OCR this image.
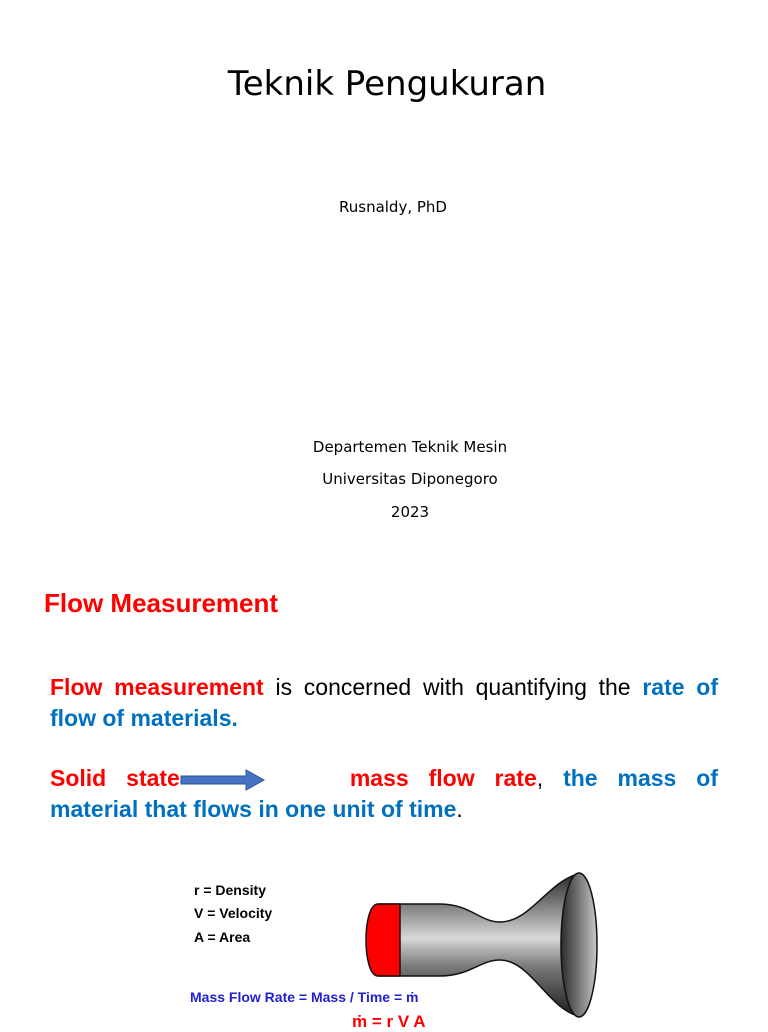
Teknik Pengukuran
Rusnaldy, PhD
Departemen Teknik Mesin
Universitas Diponegoro
2023
Flow Measurement
Flow measurement is concerned with quantifying the rate of flow of materials.
Solid state	mass flow rate, the mass of material that flows in one unit of time.
r = Density
V = Velocity
A = Area
Mass Flow Rate = Mass / Time = ṁ
ṁ = r V A
